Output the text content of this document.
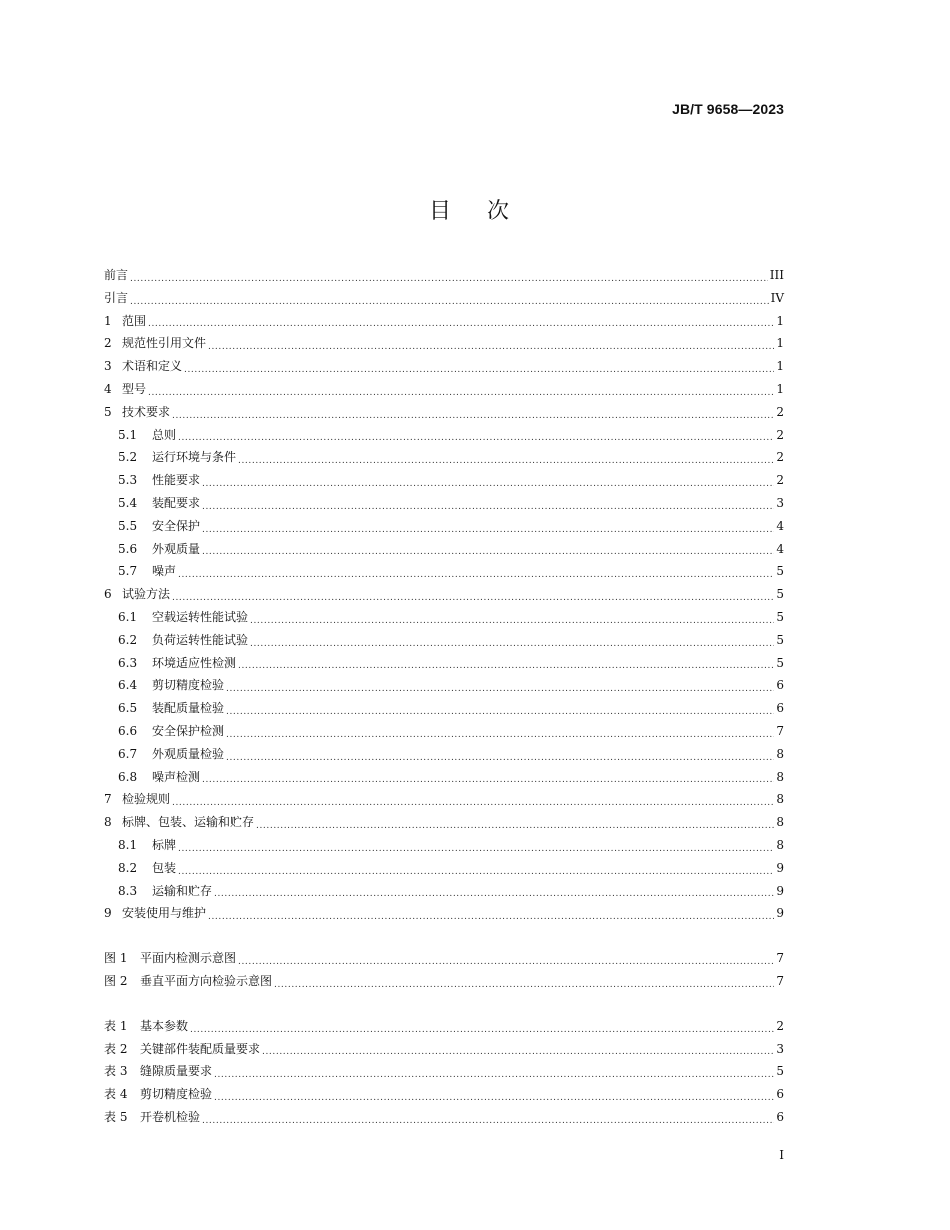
JB/T 9658—2023
目次
前言 .....	III
引言 .....	IV
1 范围 .....	1
2 规范性引用文件 .....	1
3 术语和定义 .....	1
4 型号 .....	1
5 技术要求 .....	2
5.1	总则 .....	2
5.2	运行环境与条件 .....	2
5.3	性能要求 .....	2
5.4	装配要求 .....	3
5.5	安全保护 .....	4
5.6	外观质量 .....	4
5.7	噪声 .....	5
6 试验方法 .....	5
6.1	空载运转性能试验 .....	5
6.2	负荷运转性能试验 .....	5
6.3	环境适应性检测 .....	5
6.4	剪切精度检验 .....	6
6.5	装配质量检验 .....	6
6.6	安全保护检测 .....	7
6.7	外观质量检验 .....	8
6.8	噪声检测 .....	8
7 检验规则 .....	8
8 标牌、包装、运输和贮存 .....	8
8.1	标牌 .....	8
8.2	包装 .....	9
8.3	运输和贮存 .....	9
9 安装使用与维护 .....	9
图 1	平面内检测示意图 .....	7
图 2	垂直平面方向检验示意图 .....	7
表 1	基本参数 .....	2
表 2	关键部件装配质量要求 .....	3
表 3	缝隙质量要求 .....	5
表 4	剪切精度检验 .....	6
表 5	开卷机检验 .....	6
I
